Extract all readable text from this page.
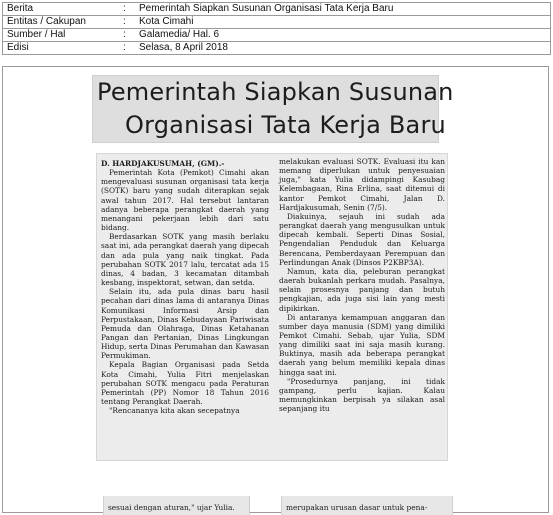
Berita	: Pemerintah Siapkan Susunan Organisasi Tata Kerja Baru
Entitas / Cakupan	: Kota Cimahi
Sumber / Hal	: Galamedia/ Hal. 6
Edisi	: Selasa, 8 April 2018
Pemerintah Siapkan Susunan
Organisasi Tata Kerja Baru

D. HARDJAKUSUMAH, (GM).-

Pemerintah Kota (Pemkot) Cimahi akan mengevaluasi susunan organisasi tata kerja (SOTK) baru yang sudah diterapkan sejak awal tahun 2017. Hal tersebut lantaran adanya beberapa perangkat daerah yang menangani pekerjaan lebih dari satu bidang.

Berdasarkan SOTK yang masih berlaku saat ini, ada perangkat daerah yang dipecah dan ada pula yang naik tingkat. Pada perubahan SOTK 2017 lalu, tercatat ada 15 dinas, 4 badan, 3 kecamatan ditambah kesbang, inspektorat, setwan, dan setda.

Selain itu, ada pula dinas baru hasil pecahan dari dinas lama di antaranya Dinas Komunikasi Informasi Arsip dan Perpustakaan, Dinas Kebudayaan Pariwisata Pemuda dan Olahraga, Dinas Ketahanan Pangan dan Pertanian, Dinas Lingkungan Hidup, serta Dinas Perumahan dan Kawasan Permukiman.

Kepala Bagian Organisasi pada Setda Kota Cimahi, Yulia Fitri menjelaskan perubahan SOTK mengacu pada Peraturan Pemerintah (PP) Nomor 18 Tahun 2016 tentang Perangkat Daerah.

"Rencananya kita akan secepatnya

melakukan evaluasi SOTK. Evaluasi itu kan memang diperlukan untuk penyesuaian juga," kata Yulia didampingi Kasubag Kelembagaan, Rina Erlina, saat ditemui di kantor Pemkot Cimahi, Jalan D. Hardjakusumah, Senin (7/5).

Diakuinya, sejauh ini sudah ada perangkat daerah yang mengusulkan untuk dipecah kembali. Seperti Dinas Sosial, Pengendalian Penduduk dan Keluarga Berencana, Pemberdayaan Perempuan dan Perlindungan Anak (Dinsos P2KBP3A).

Namun, kata dia, peleburan perangkat daerah bukanlah perkara mudah. Pasalnya, selain prosesnya panjang dan butuh pengkajian, ada juga sisi lain yang mesti dipikirkan.

Di antaranya kemampuan anggaran dan sumber daya manusia (SDM) yang dimiliki Pemkot Cimahi. Sebab, ujar Yulia, SDM yang dimiliki saat ini saja masih kurang. Buktinya, masih ada beberapa perangkat daerah yang belum memiliki kepala dinas hingga saat ini.

"Prosedurnya panjang, ini tidak gampang, perlu kajian. Kalau memungkinkan berpisah ya silakan asal sepanjang itu

sesuai dengan aturan," ujar Yulia.	merupakan urusan dasar untuk pena-
